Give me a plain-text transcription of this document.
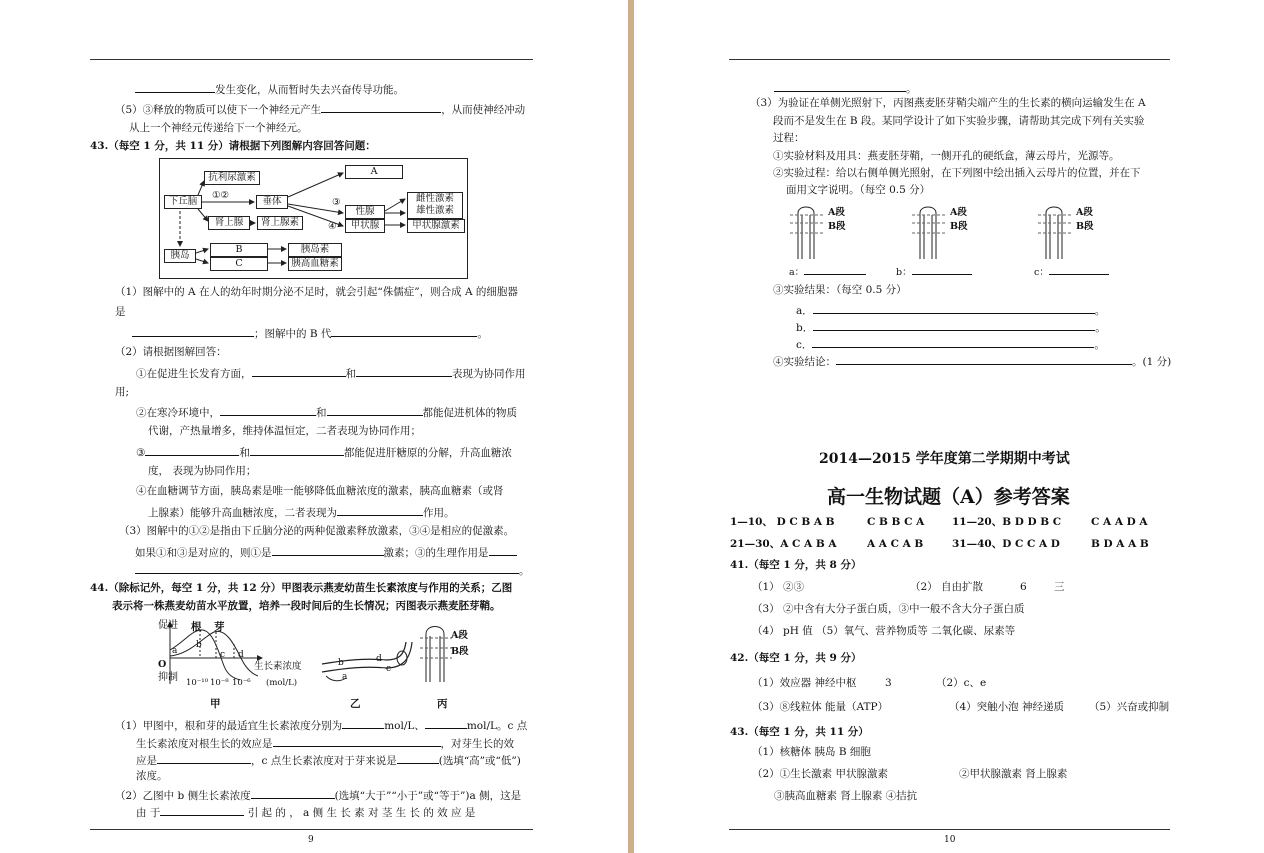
发生变化，从而暂时失去兴奋传导功能。
（5）③释放的物质可以使下一个神经元产生	，从而使神经冲动
从上一个神经元传递给下一个神经元。
43.（每空 1 分，共 11 分）请根据下列图解内容回答问题：
抗利尿激素
下丘脑
①②
垂体
A
③
④
性腺
甲状腺
肾上腺	肾上腺素
雌性激素
雄性激素
甲状腺激素
胰岛
B
C
胰岛素
胰高血糖素
（1）图解中的 A 在人的幼年时期分泌不足时，就会引起“侏儒症”，则合成 A 的细胞器
是
；图解中的 B 代	。
（2）请根据图解回答：
①在促进生长发育方面，	和	表现为协同作用
用;
②在寒冷环境中，	和	都能促进机体的物质
代谢，产热量增多，维持体温恒定，二者表现为协同作用；
③	和	都能促进肝糖原的分解，升高血糖浓
度， 表现为协同作用；
④在血糖调节方面，胰岛素是唯一能够降低血糖浓度的激素，胰高血糖素（或肾
上腺素）能够升高血糖浓度，二者表现为	作用。
（3）图解中的①②是指由下丘脑分泌的两种促激素释放激素，③④是相应的促激素。
如果①和③是对应的，则①是	激素；③的生理作用是
。
44.（除标记外，每空 1 分，共 12 分）甲图表示燕麦幼苗生长素浓度与作用的关系；乙图
表示将一株燕麦幼苗水平放置，培养一段时间后的生长情况；丙图表示燕麦胚芽鞘。
促进
抑制
根 芽
a
b
c d
O	生长素浓度
(mol/L)
10⁻¹⁰ 10⁻⁸ 10⁻⁶
b
a
d
c
A段
B段
甲	乙	丙
（1）甲图中，根和芽的最适宜生长素浓度分别为	mol/L、	mol/L。c 点
生长素浓度对根生长的效应是	，对芽生长的效
应是	，c 点生长素浓度对于芽来说是	(选填“高”或“低”)
浓度。
（2）乙图中 b 侧生长素浓度	(选填“大于”“小于”或“等于”)a 侧，这是
由 于	引 起 的 ， a 侧 生 长 素 对 茎 生 长 的 效 应 是
9
。
（3）为验证在单侧光照射下，丙图燕麦胚芽鞘尖端产生的生长素的横向运输发生在 A
段而不是发生在 B 段。某同学设计了如下实验步骤，请帮助其完成下列有关实验
过程：
①实验材料及用具：燕麦胚芽鞘，一侧开孔的硬纸盒，薄云母片，光源等。
②实验过程：给以右侧单侧光照射，在下列图中绘出插入云母片的位置，并在下
面用文字说明。（每空 0.5 分）
A段
B段
A段
B段
A段
B段
a：	b：	c：
③实验结果：（每空 0.5 分）
a．	。
b．	。
c．	。
④实验结论：	。(1 分)
2014—2015 学年度第二学期期中考试
高一生物试题（A）参考答案
1—10、 D C B A B	C B B C A	11—20、B D D B C	C A A D A
21—30、A C A B A	A A C A B	31—40、D C C A D	B D A A B
41.（每空 1 分，共 8 分）
（1） ②③	（2） 自由扩散	6	三
（3） ②中含有大分子蛋白质，③中一般不含大分子蛋白质
（4） pH 值 （5）氧气、营养物质等 二氧化碳、尿素等
42.（每空 1 分，共 9 分）
（1）效应器 神经中枢	3	（2）c、e
（3）⑧线粒体 能量（ATP）	（4）突触小泡 神经递质 （5）兴奋或抑制
43.（每空 1 分，共 11 分）
（1）核糖体 胰岛 B 细胞
（2）①生长激素 甲状腺激素	②甲状腺激素 肾上腺素
③胰高血糖素 肾上腺素 ④拮抗
10
